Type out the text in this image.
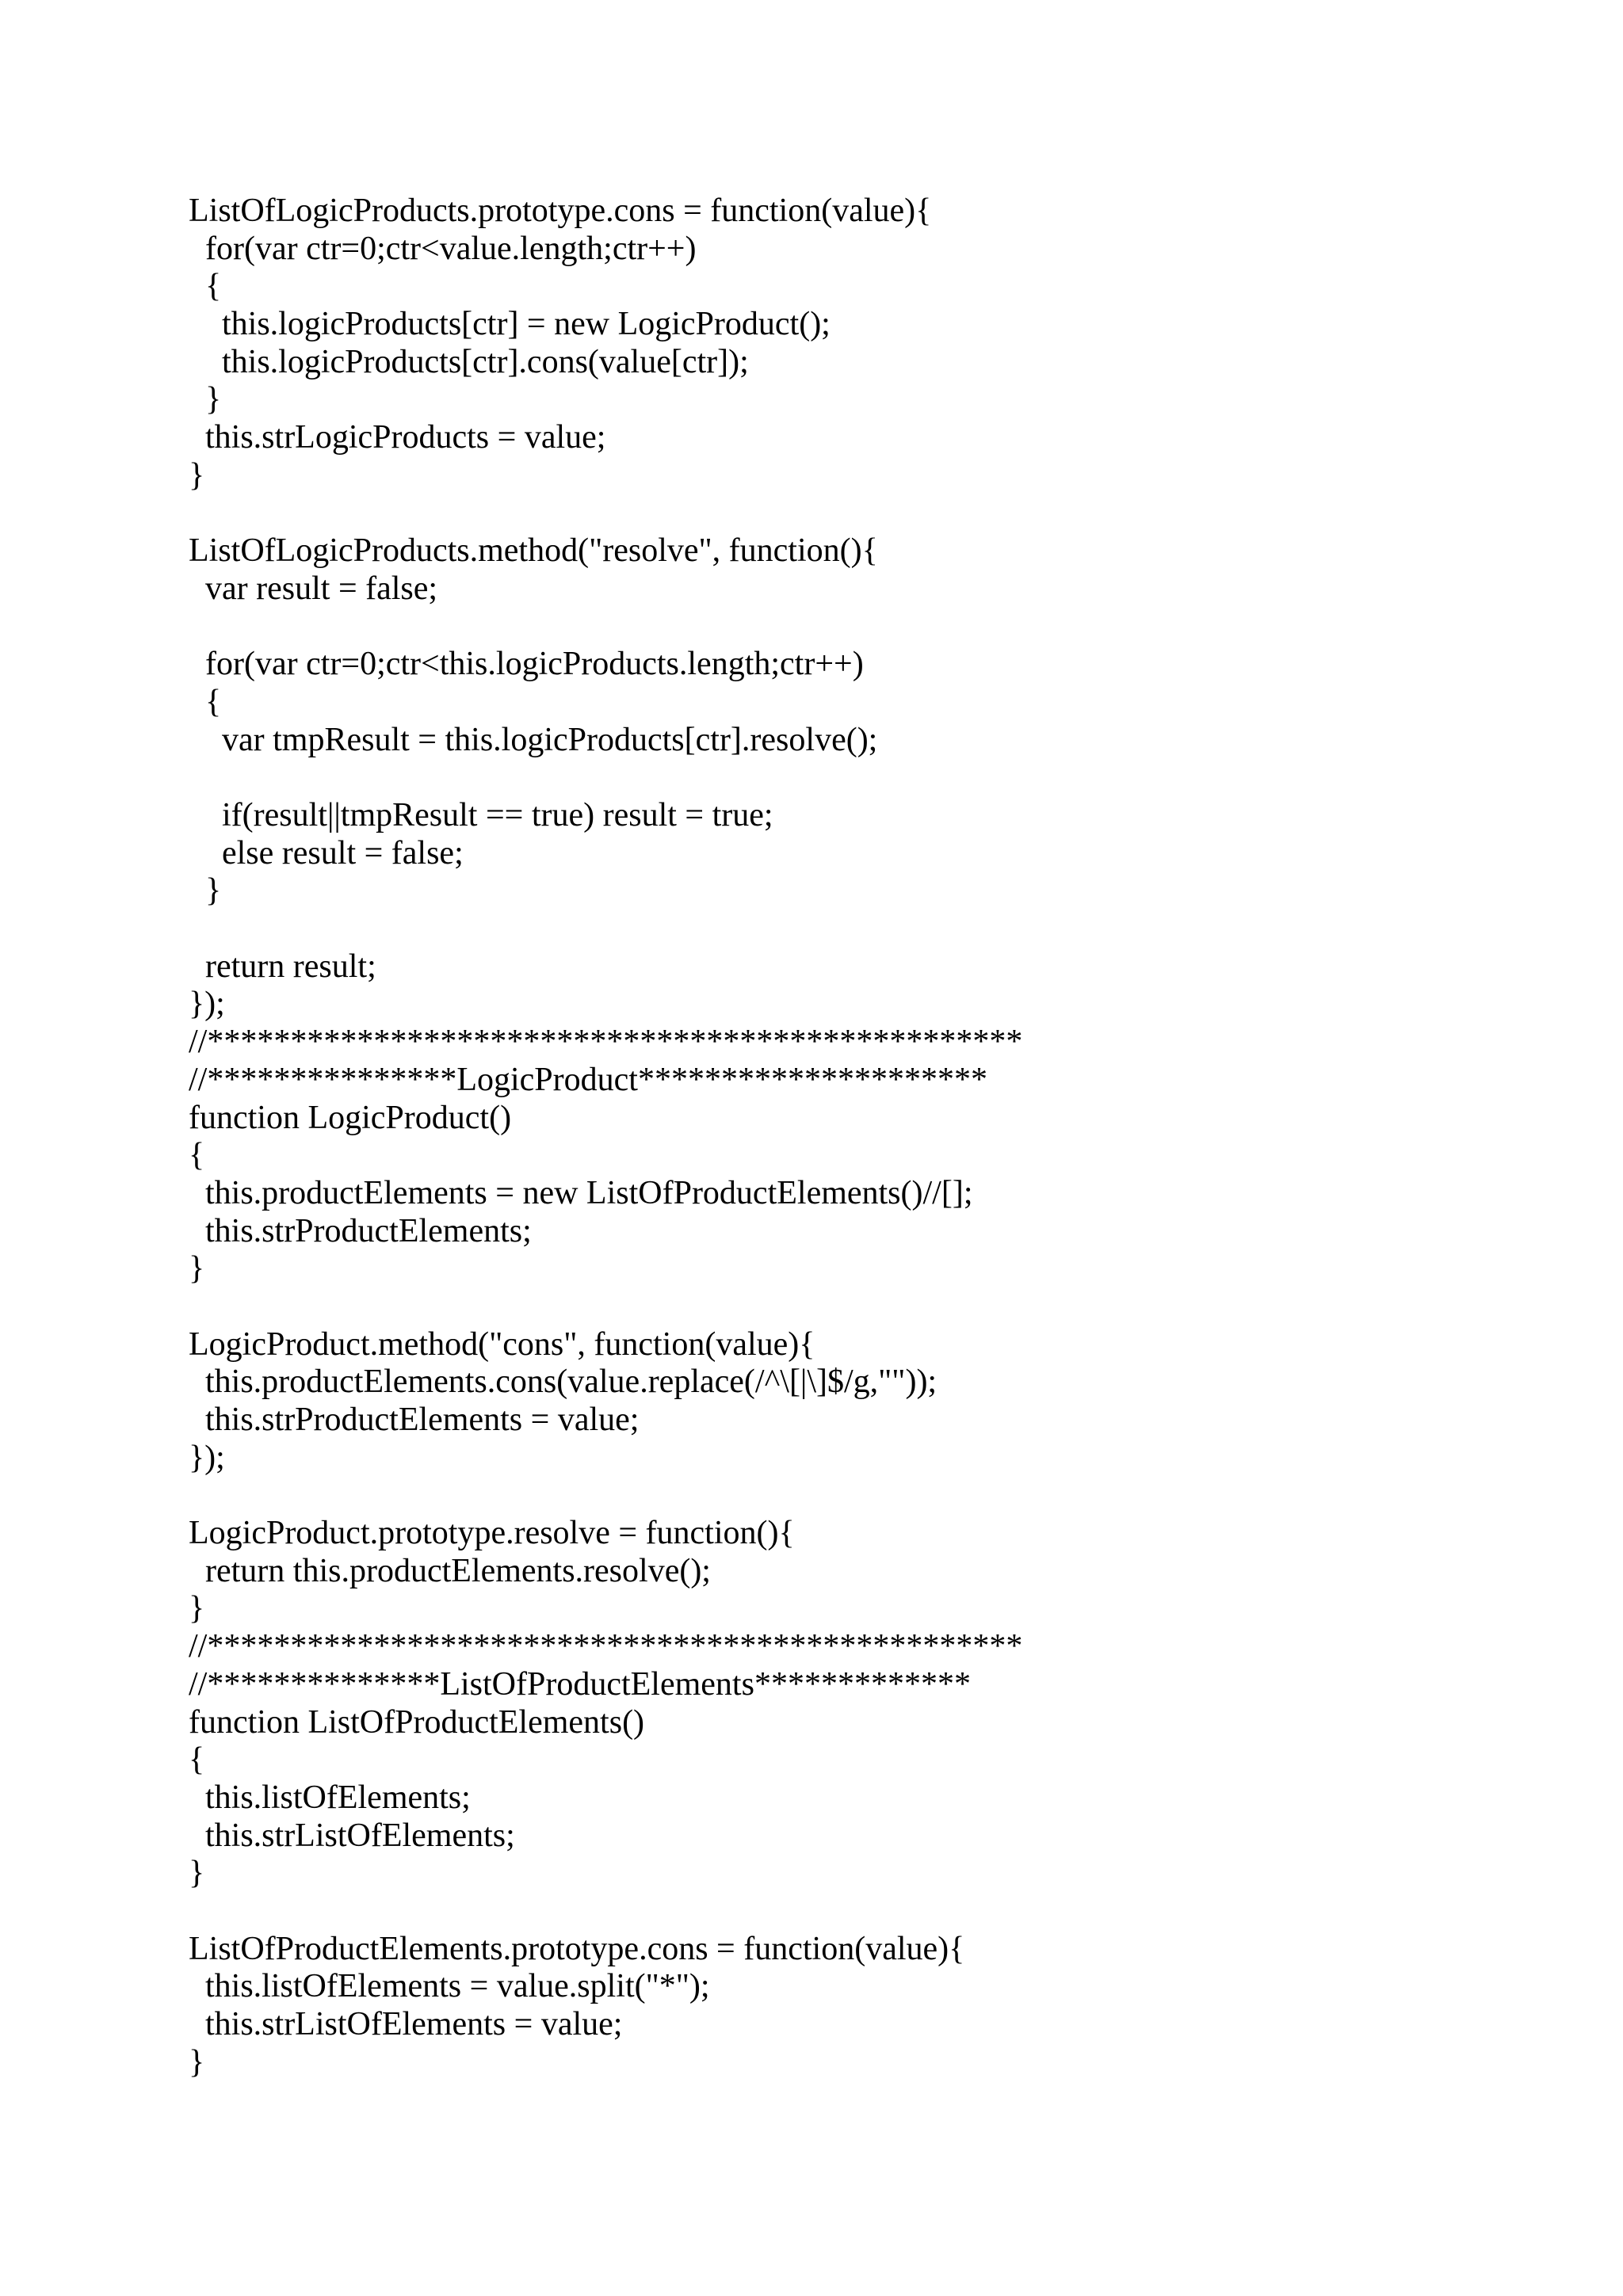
ListOfLogicProducts.prototype.cons = function(value){
for(var ctr=0;ctr<value.length;ctr++)
{
this.logicProducts[ctr] = new LogicProduct();
this.logicProducts[ctr].cons(value[ctr]);
}
this.strLogicProducts = value;
}
ListOfLogicProducts.method("resolve", function(){
var result = false;
for(var ctr=0;ctr<this.logicProducts.length;ctr++)
{
var tmpResult = this.logicProducts[ctr].resolve();
if(result||tmpResult == true) result = true;
else result = false;
}
return result;
});
//*************************************************
//***************LogicProduct*********************
function LogicProduct()
{
this.productElements = new ListOfProductElements()//[];
this.strProductElements;
}
LogicProduct.method("cons", function(value){
this.productElements.cons(value.replace(/^\[|\]$/g,""));
this.strProductElements = value;
});
LogicProduct.prototype.resolve = function(){
return this.productElements.resolve();
}
//*************************************************
//**************ListOfProductElements*************
function ListOfProductElements()
{
this.listOfElements;
this.strListOfElements;
}
ListOfProductElements.prototype.cons = function(value){
this.listOfElements = value.split("*");
this.strListOfElements = value;
}
